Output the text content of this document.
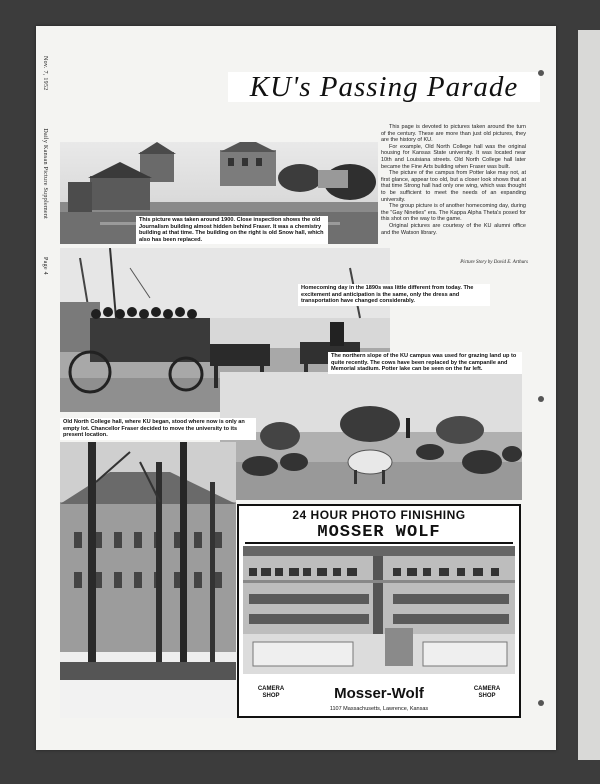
Nov. 7, 1952 Daily Kansan Picture Supplement Page 4
KU's Passing Parade
This picture was taken around 1900. Close inspection shows the old Journalism building almost hidden behind Fraser. It was a chemistry building at that time. The building on the right is old Snow hall, which also has been replaced.

This page is devoted to pictures taken around the turn of the century. These are more than just old pictures, they are the history of KU.

For example, Old North College hall was the original housing for Kansas State university. It was located near 10th and Louisiana streets. Old North College hall later became the Fine Arts building when Fraser was built.

The picture of the campus from Potter lake may not, at first glance, appear too old, but a closer look shows that at that time Strong hall had only one wing, which was thought to be sufficient to meet the needs of an expanding university.

The group picture is of another homecoming day, during the "Gay Nineties" era. The Kappa Alpha Theta's posed for this shot on the way to the game.

Original pictures are courtesy of the KU alumni office and the Watson library.

Picture Story by David E. Arthurs
Homecoming day in the 1890s was little different from today. The excitement and anticipation is the same, only the dress and transportation have changed considerably.
The northern slope of the KU campus was used for grazing land up to quite recently. The cows have been replaced by the campanile and Memorial stadium. Potter lake can be seen on the far left.
Old North College hall, where KU began, stood where now is only an empty lot. Chancellor Fraser decided to move the university to its present location.
24 HOUR PHOTO FINISHING
MOSSER WOLF
CAMERA SHOP
CAMERA SHOP
Mosser-Wolf
1107 Massachusetts, Lawrence, Kansas
